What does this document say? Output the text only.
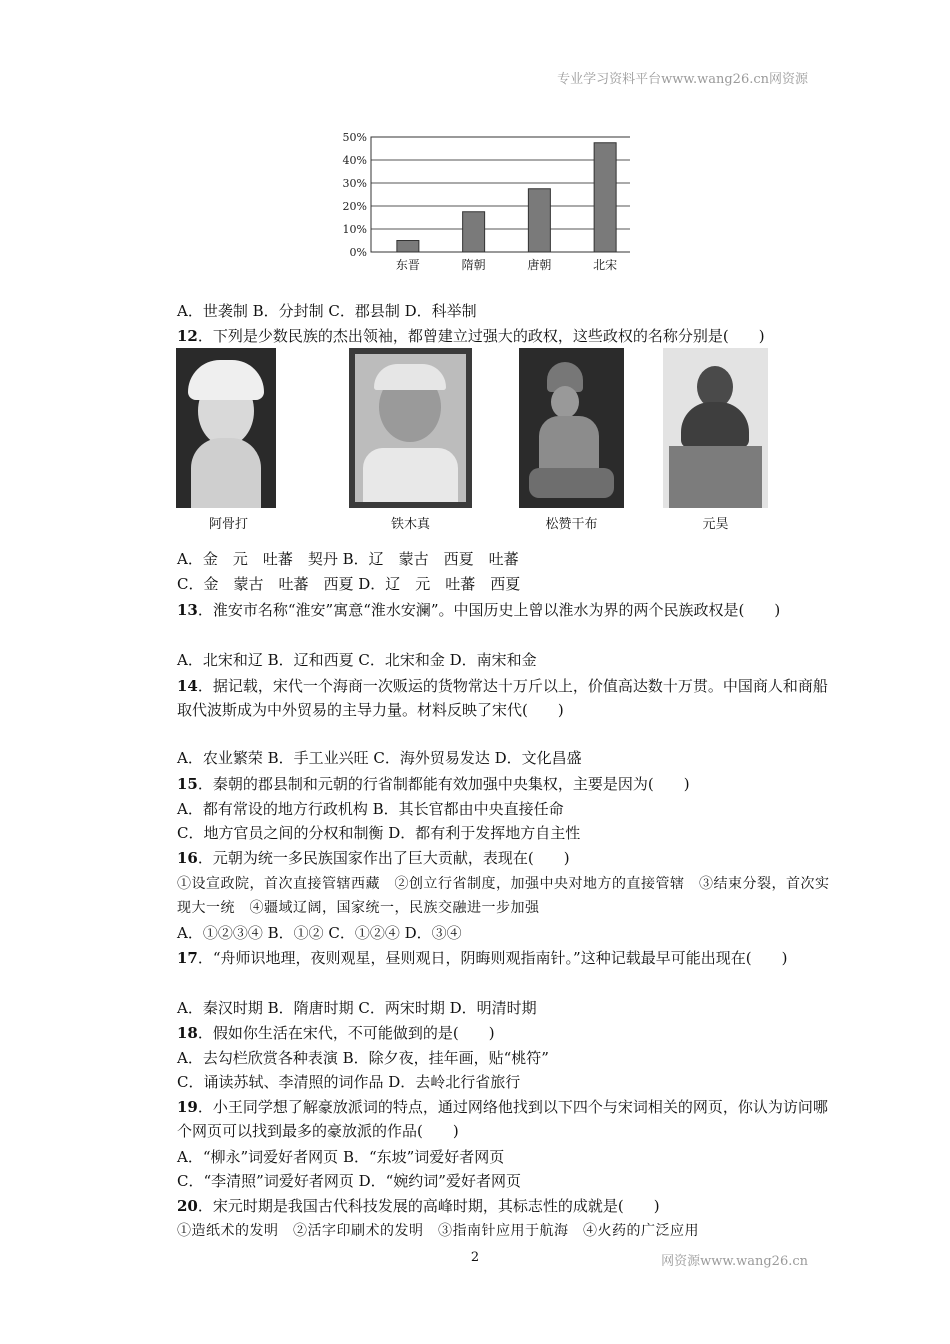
专业学习资料平台www.wang26.cn网资源
0%
10%
20%
30%
40%
50%
东晋	隋朝	唐朝	北宋
A．世袭制 B．分封制 C．郡县制 D．科举制
12．下列是少数民族的杰出领袖，都曾建立过强大的政权，这些政权的名称分别是(　　)
阿骨打	铁木真	松赞干布	元昊
A．金　元　吐蕃　契丹 B．辽　蒙古　西夏　吐蕃
C．金　蒙古　吐蕃　西夏 D．辽　元　吐蕃　西夏
13．淮安市名称“淮安”寓意“淮水安澜”。中国历史上曾以淮水为界的两个民族政权是(　　)
A．北宋和辽 B．辽和西夏 C．北宋和金 D．南宋和金
14．据记载，宋代一个海商一次贩运的货物常达十万斤以上，价值高达数十万贯。中国商人和商船取代波斯成为中外贸易的主导力量。材料反映了宋代(　　)
A．农业繁荣 B．手工业兴旺 C．海外贸易发达 D．文化昌盛
15．秦朝的郡县制和元朝的行省制都能有效加强中央集权，主要是因为(　　)
A．都有常设的地方行政机构 B．其长官都由中央直接任命
C．地方官员之间的分权和制衡 D．都有利于发挥地方自主性
16．元朝为统一多民族国家作出了巨大贡献，表现在(　　)
①设宣政院，首次直接管辖西藏　②创立行省制度，加强中央对地方的直接管辖　③结束分裂，首次实现大一统　④疆域辽阔，国家统一，民族交融进一步加强
A．①②③④ B．①② C．①②④ D．③④
17．“舟师识地理，夜则观星，昼则观日，阴晦则观指南针。”这种记载最早可能出现在(　　)
A．秦汉时期 B．隋唐时期 C．两宋时期 D．明清时期
18．假如你生活在宋代，不可能做到的是(　　)
A．去勾栏欣赏各种表演 B．除夕夜，挂年画，贴“桃符”
C．诵读苏轼、李清照的词作品 D．去岭北行省旅行
19．小王同学想了解豪放派词的特点，通过网络他找到以下四个与宋词相关的网页，你认为访问哪个网页可以找到最多的豪放派的作品(　　)
A．“柳永”词爱好者网页 B．“东坡”词爱好者网页
C．“李清照”词爱好者网页 D．“婉约词”爱好者网页
20．宋元时期是我国古代科技发展的高峰时期，其标志性的成就是(　　)
①造纸术的发明　②活字印刷术的发明　③指南针应用于航海　④火药的广泛应用
2	网资源www.wang26.cn
